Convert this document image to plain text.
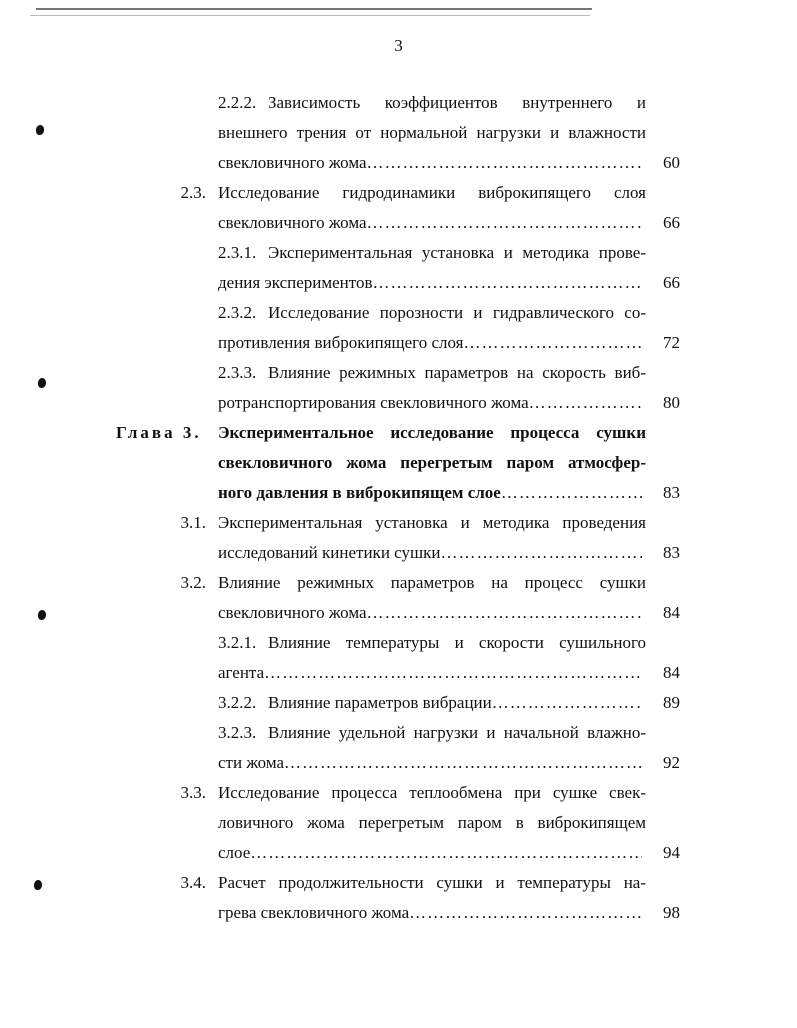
3
2.2.2. Зависимость коэффициентов внутреннего и
внешнего трения от нормальной нагрузки и влажности
свекловичного жома …………………………………………………………………………………………………………………………………………	60
2.3. Исследование гидродинамики виброкипящего слоя
свекловичного жома …………………………………………………………………………………………………………………………………………	66
2.3.1. Экспериментальная установка и методика прове-
дения экспериментов …………………………………………………………………………………………………………………………………………	66
2.3.2. Исследование порозности и гидравлического со-
противления виброкипящего слоя …………………………………………………………………………………………………………………………………………	72
2.3.3. Влияние режимных параметров на скорость виб-
ротранспортирования свекловичного жома …………………………………………………………………………………………………………………………………………	80
Глава 3. Экспериментальное исследование процесса сушки
свекловичного жома перегретым паром атмосфер-
ного давления в виброкипящем слое …………………………………………………………………………………………………………………………………………	83
3.1. Экспериментальная установка и методика проведения
исследований кинетики сушки …………………………………………………………………………………………………………………………………………	83
3.2. Влияние режимных параметров на процесс сушки
свекловичного жома …………………………………………………………………………………………………………………………………………	84
3.2.1. Влияние температуры и скорости сушильного
агента …………………………………………………………………………………………………………………………………………	84
3.2.2. Влияние параметров вибрации …………………………………………………………………………………………………………………………………………	89
3.2.3. Влияние удельной нагрузки и начальной влажно-
сти жома …………………………………………………………………………………………………………………………………………	92
3.3. Исследование процесса теплообмена при сушке свек-
ловичного жома перегретым паром в виброкипящем
слое …………………………………………………………………………………………………………………………………………	94
3.4. Расчет продолжительности сушки и температуры на-
грева свекловичного жома …………………………………………………………………………………………………………………………………………	98
